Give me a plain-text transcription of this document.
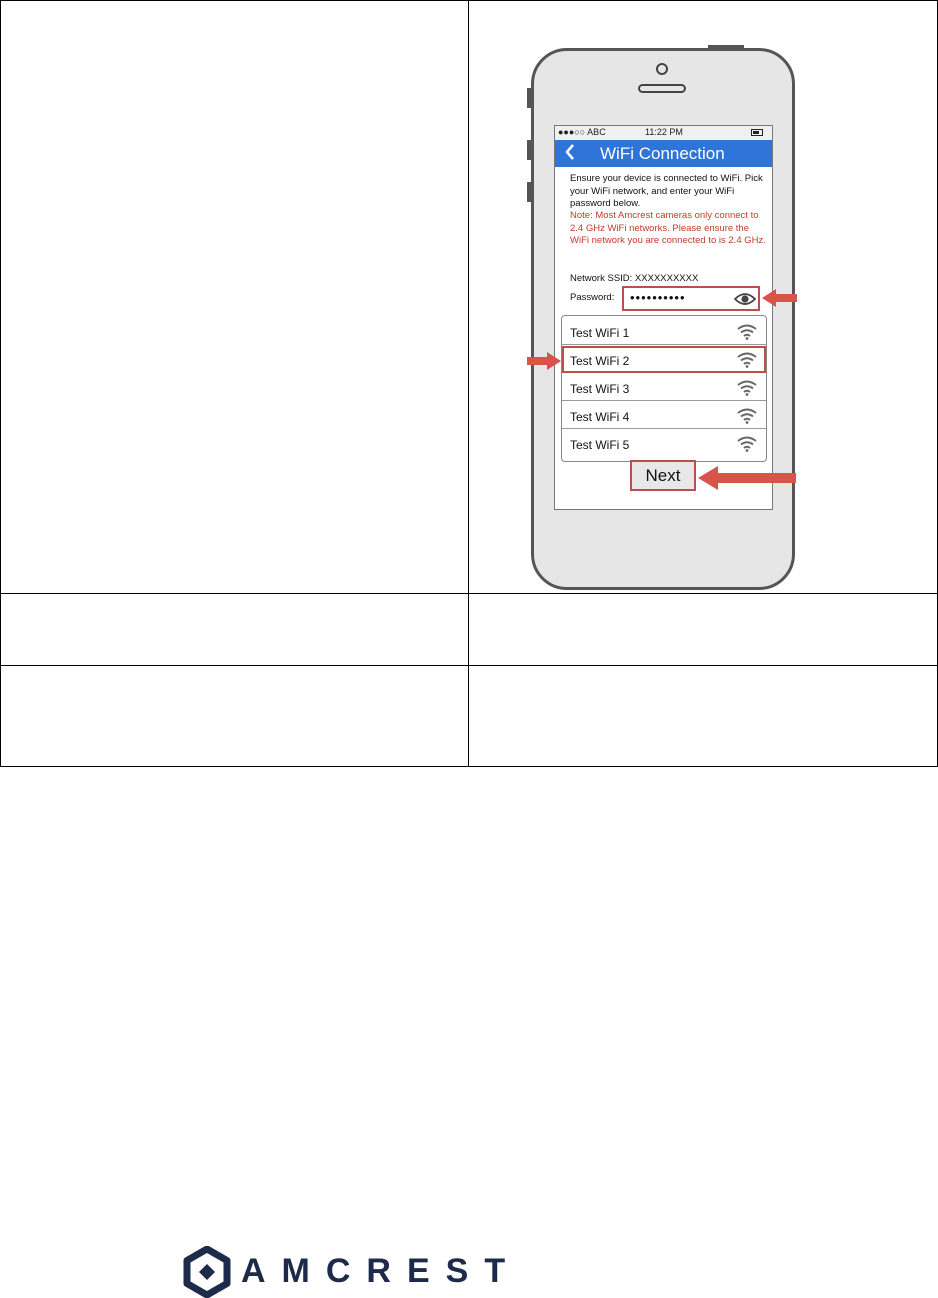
●●●○○ ABC	11:22 PM
WiFi Connection
Ensure your device is connected to WiFi. Pick your WiFi network, and enter your WiFi password below.
Note: Most Amcrest cameras only connect to 2.4 GHz WiFi networks. Please ensure the WiFi network you are connected to is 2.4 GHz.
Network SSID: XXXXXXXXXX
Password: ••••••••••
Test WiFi 1
Test WiFi 2
Test WiFi 3
Test WiFi 4
Test WiFi 5
Next
AMCREST
